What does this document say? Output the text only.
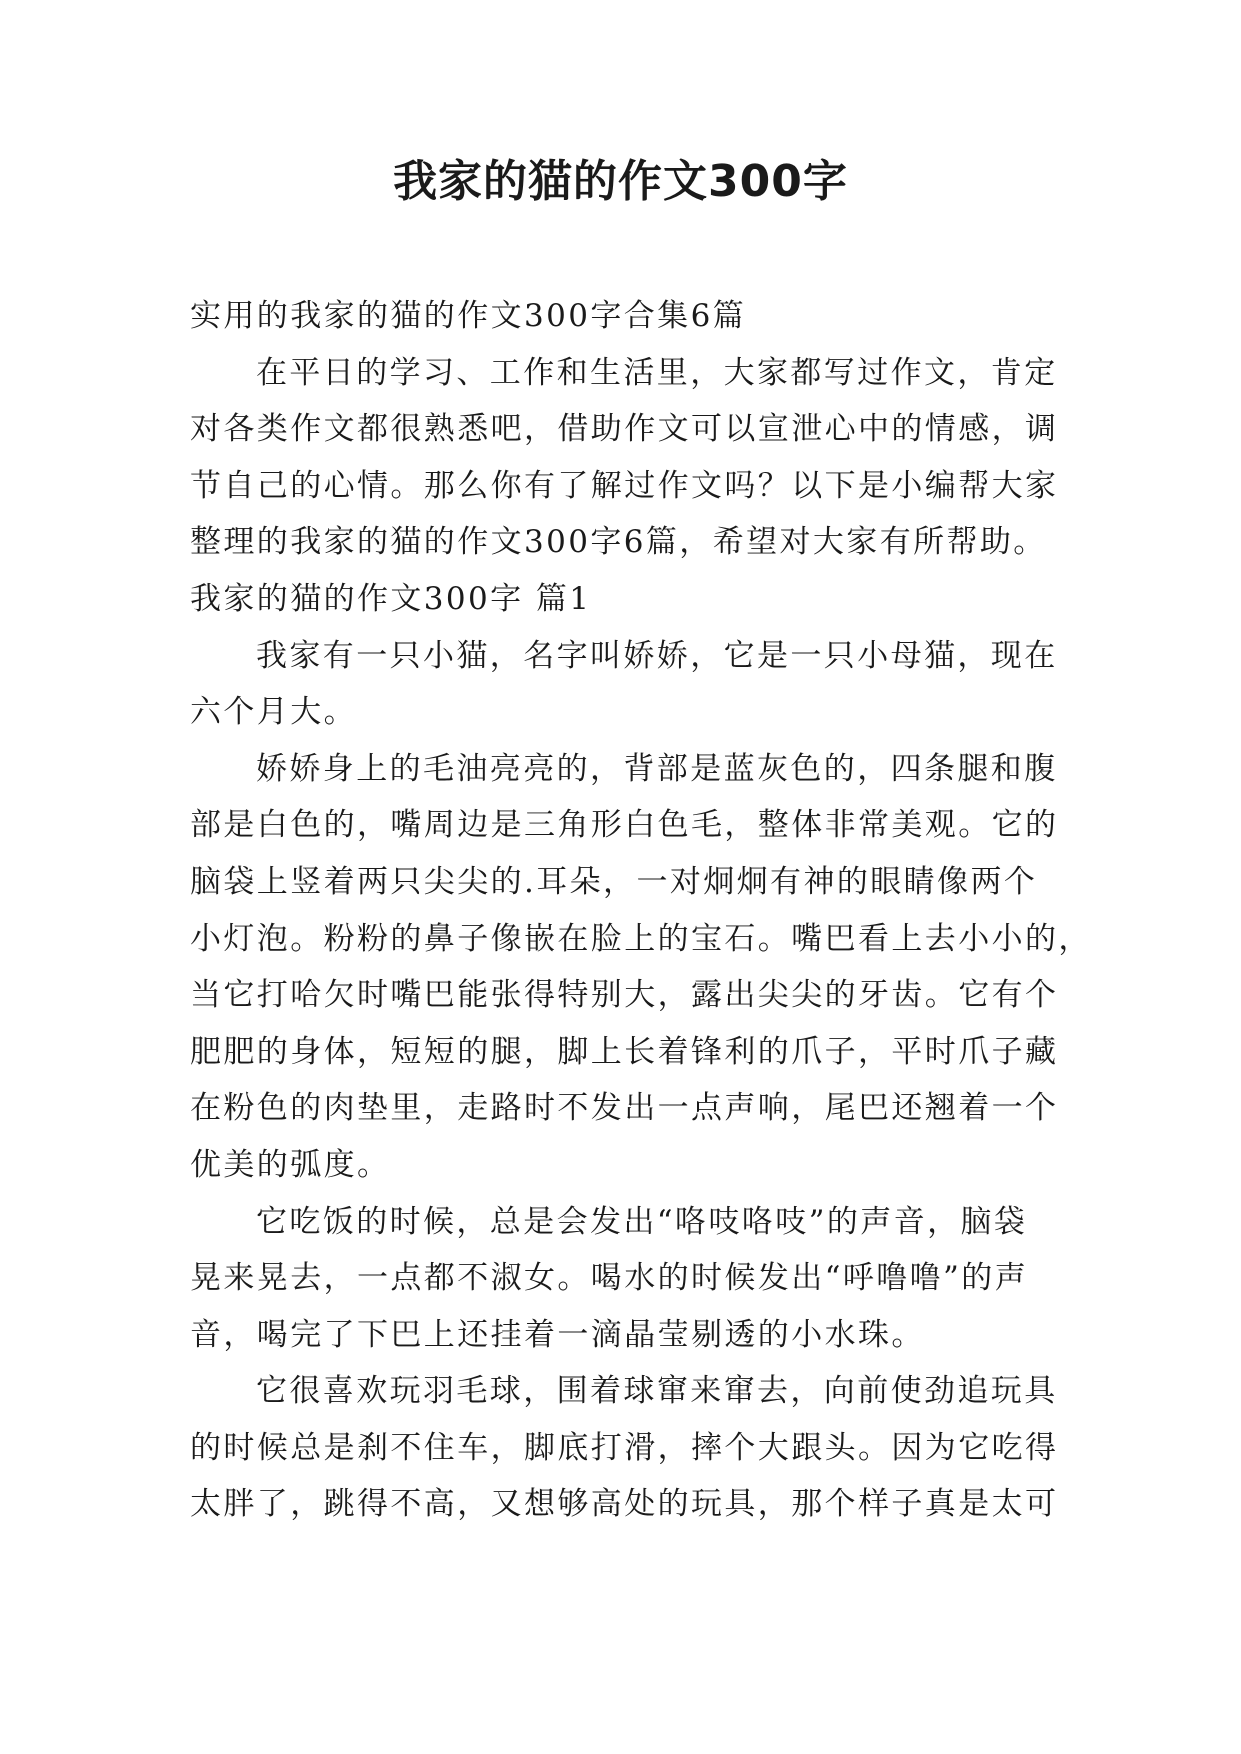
我家的猫的作文300字
实用的我家的猫的作文300字合集6篇
在平日的学习、工作和生活里，大家都写过作文，肯定
对各类作文都很熟悉吧，借助作文可以宣泄心中的情感，调
节自己的心情。那么你有了解过作文吗？以下是小编帮大家
整理的我家的猫的作文300字6篇，希望对大家有所帮助。
我家的猫的作文300字 篇1
我家有一只小猫，名字叫娇娇，它是一只小母猫，现在
六个月大。
娇娇身上的毛油亮亮的，背部是蓝灰色的，四条腿和腹
部是白色的，嘴周边是三角形白色毛，整体非常美观。它的
脑袋上竖着两只尖尖的.耳朵，一对炯炯有神的眼睛像两个
小灯泡。粉粉的鼻子像嵌在脸上的宝石。嘴巴看上去小小的，
当它打哈欠时嘴巴能张得特别大，露出尖尖的牙齿。它有个
肥肥的身体，短短的腿，脚上长着锋利的爪子，平时爪子藏
在粉色的肉垫里，走路时不发出一点声响，尾巴还翘着一个
优美的弧度。
它吃饭的时候，总是会发出“咯吱咯吱”的声音，脑袋
晃来晃去，一点都不淑女。喝水的时候发出“呼噜噜”的声
音，喝完了下巴上还挂着一滴晶莹剔透的小水珠。
它很喜欢玩羽毛球，围着球窜来窜去，向前使劲追玩具
的时候总是刹不住车，脚底打滑，摔个大跟头。因为它吃得
太胖了，跳得不高，又想够高处的玩具，那个样子真是太可
